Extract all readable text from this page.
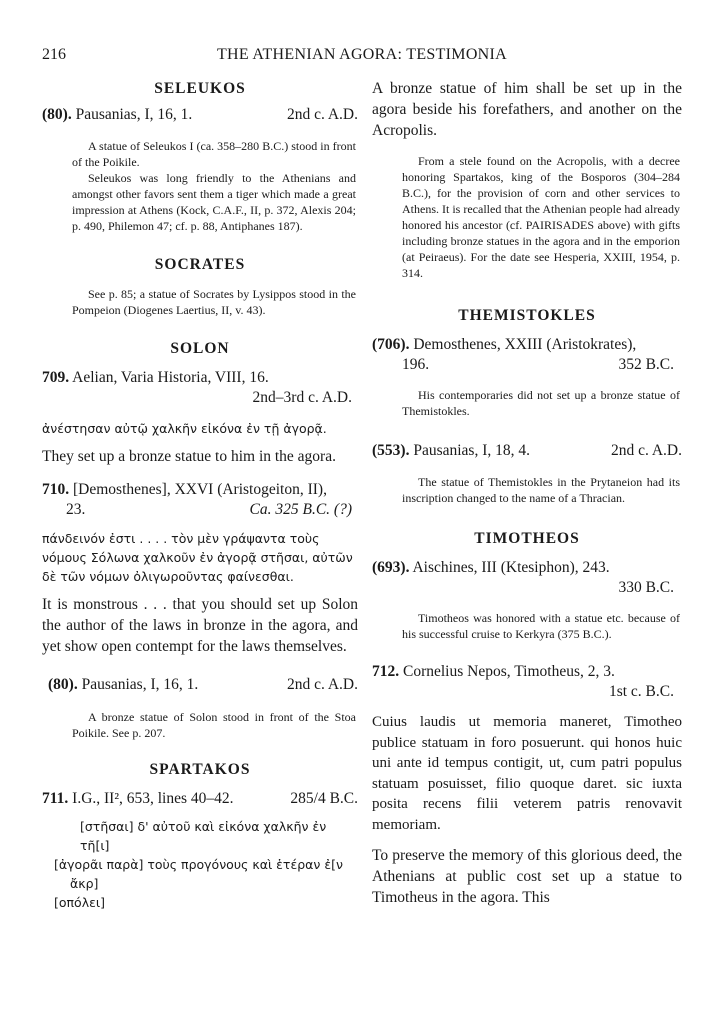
216	THE ATHENIAN AGORA: TESTIMONIA
SELEUKOS
(80). Pausanias, I, 16, 1.	2nd c. A.D.

A statue of Seleukos I (ca. 358–280 B.C.) stood in front of the Poikile.

Seleukos was long friendly to the Athenians and amongst other favors sent them a tiger which made a great impression at Athens (Kock, C.A.F., II, p. 372, Alexis 204; p. 490, Philemon 47; cf. p. 88, Antiphanes 187).

SOCRATES

See p. 85; a statue of Socrates by Lysippos stood in the Pompeion (Diogenes Laertius, II, v. 43).

SOLON
709. Aelian, Varia Historia, VIII, 16.
2nd–3rd c. A.D.

ἀνέστησαν αὐτῷ χαλκῆν εἰκόνα ἐν τῇ ἀγορᾷ.

They set up a bronze statue to him in the agora.

710. [Demosthenes], XXVI (Aristogeiton, II),
23.	Ca. 325 B.C. (?)

πάνδεινόν ἐστι . . . . τὸν μὲν γράψαντα τοὺς νόμους Σόλωνα χαλκοῦν ἐν ἀγορᾷ στῆσαι, αὐτῶν δὲ τῶν νόμων ὀλιγωροῦντας φαίνεσθαι.

It is monstrous . . . that you should set up Solon the author of the laws in bronze in the agora, and yet show open contempt for the laws themselves.

(80). Pausanias, I, 16, 1.	2nd c. A.D.

A bronze statue of Solon stood in front of the Stoa Poikile. See p. 207.

SPARTAKOS
711. I.G., II², 653, lines 40–42.	285/4 B.C.

[στῆσαι] δ' αὐτοῦ καὶ εἰκόνα χαλκῆν ἐν τῆ[ι]

[ἀγορᾶι παρὰ] τοὺς προγόνους καὶ ἑτέραν ἐ[ν

ἄκρ]

[οπόλει]

A bronze statue of him shall be set up in the agora beside his forefathers, and another on the Acropolis.

From a stele found on the Acropolis, with a decree honoring Spartakos, king of the Bosporos (304–284 B.C.), for the provision of corn and other services to Athens. It is recalled that the Athenian people had already honored his ancestor (cf. PAIRISADES above) with gifts including bronze statues in the agora and in the emporion (at Peiraeus). For the date see Hesperia, XXIII, 1954, p. 314.

THEMISTOKLES
(706). Demosthenes, XXIII (Aristokrates),
196.	352 B.C.

His contemporaries did not set up a bronze statue of Themistokles.

(553). Pausanias, I, 18, 4.	2nd c. A.D.

The statue of Themistokles in the Prytaneion had its inscription changed to the name of a Thracian.

TIMOTHEOS
(693). Aischines, III (Ktesiphon), 243.
330 B.C.

Timotheos was honored with a statue etc. because of his successful cruise to Kerkyra (375 B.C.).

712. Cornelius Nepos, Timotheus, 2, 3.
1st c. B.C.

Cuius laudis ut memoria maneret, Timotheo publice statuam in foro posuerunt. qui honos huic uni ante id tempus contigit, ut, cum patri populus statuam posuisset, filio quoque daret. sic iuxta posita recens filii veterem patris renovavit memoriam.

To preserve the memory of this glorious deed, the Athenians at public cost set up a statue to Timotheus in the agora. This
